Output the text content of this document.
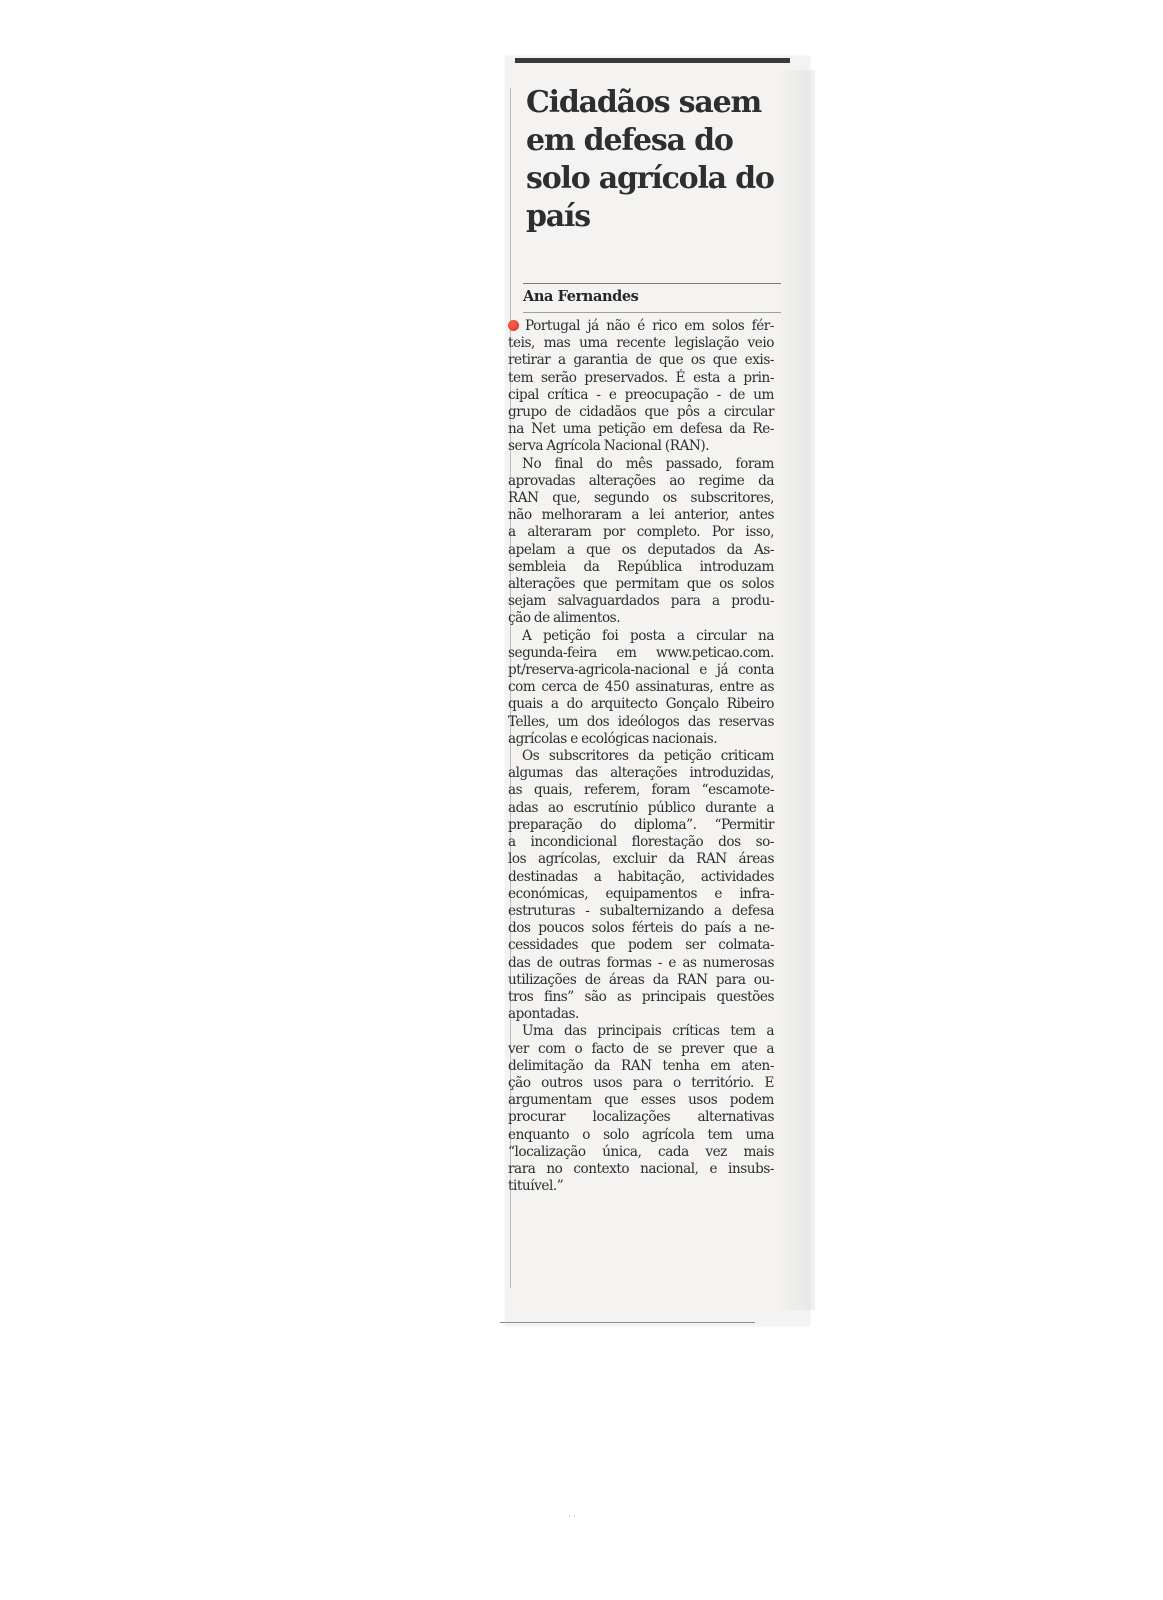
Cidadãos saem em defesa do solo agrícola do país

Ana Fernandes

Portugal já não é rico em solos fér-
teis, mas uma recente legislação veio
retirar a garantia de que os que exis-
tem serão preservados. É esta a prin-
cipal crítica - e preocupação - de um
grupo de cidadãos que pôs a circular
na Net uma petição em defesa da Re-
serva Agrícola Nacional (RAN).
No final do mês passado, foram
aprovadas alterações ao regime da
RAN que, segundo os subscritores,
não melhoraram a lei anterior, antes
a alteraram por completo. Por isso,
apelam a que os deputados da As-
sembleia da República introduzam
alterações que permitam que os solos
sejam salvaguardados para a produ-
ção de alimentos.
A petição foi posta a circular na
segunda-feira em www.peticao.com.
pt/reserva-agricola-nacional e já conta
com cerca de 450 assinaturas, entre as
quais a do arquitecto Gonçalo Ribeiro
Telles, um dos ideólogos das reservas
agrícolas e ecológicas nacionais.
Os subscritores da petição criticam
algumas das alterações introduzidas,
as quais, referem, foram “escamote-
adas ao escrutínio público durante a
preparação do diploma”. “Permitir
a incondicional florestação dos so-
los agrícolas, excluir da RAN áreas
destinadas a habitação, actividades
económicas, equipamentos e infra-
estruturas - subalternizando a defesa
dos poucos solos férteis do país a ne-
cessidades que podem ser colmata-
das de outras formas - e as numerosas
utilizações de áreas da RAN para ou-
tros fins” são as principais questões
apontadas.
Uma das principais críticas tem a
ver com o facto de se prever que a
delimitação da RAN tenha em aten-
ção outros usos para o território. E
argumentam que esses usos podem
procurar localizações alternativas
enquanto o solo agrícola tem uma
“localização única, cada vez mais
rara no contexto nacional, e insubs-
tituível.”
· ·
